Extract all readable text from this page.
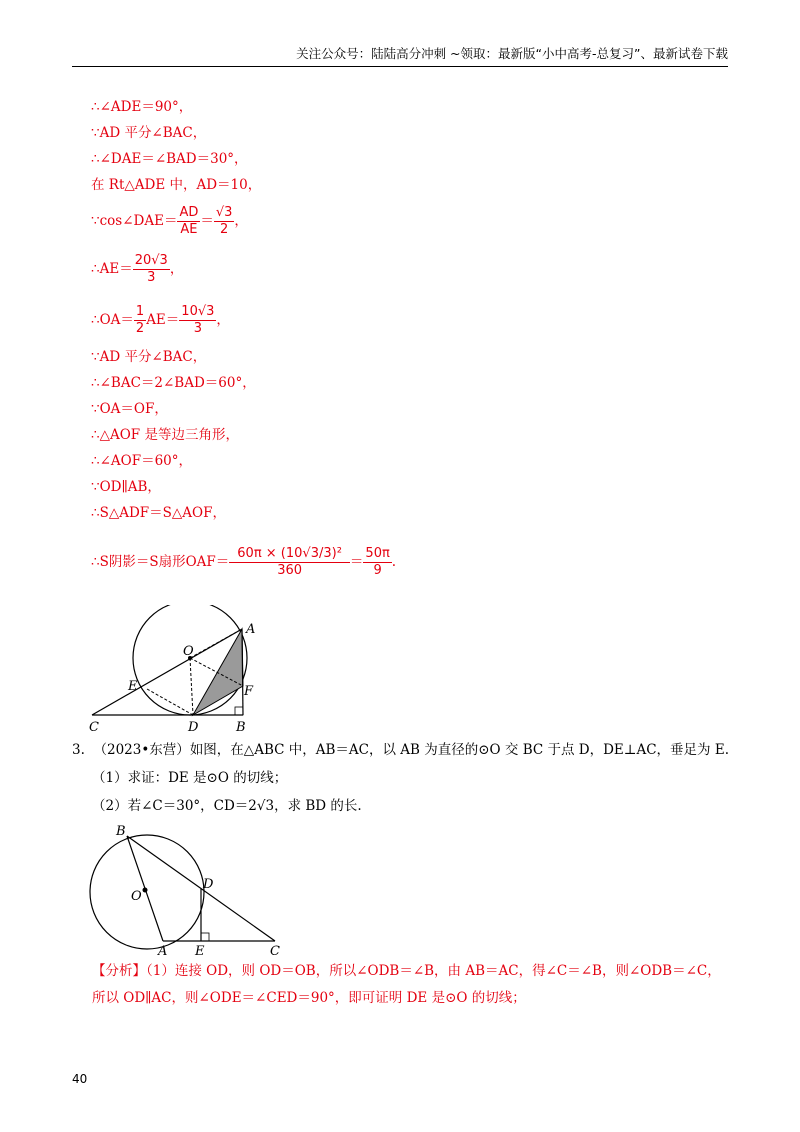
关注公众号：陆陆高分冲刺 ~领取：最新版“小中高考-总复习”、最新试卷下载
∴∠ADE＝90°，
∵AD 平分∠BAC，
∴∠DAE＝∠BAD＝30°，
在 Rt△ADE 中，AD＝10，
∵cos∠DAE＝ $\frac{AD}{AE} = \frac{√3}{2}$ ，
∴AE＝ $\frac{20√3}{3}$ ，
∴OA＝ $\frac{1}{2} AE= \frac{10√3}{3}$ ，
∵AD 平分∠BAC，
∴∠BAC＝2∠BAD＝60°，
∵OA＝OF，
∴△AOF 是等边三角形，
∴∠AOF＝60°，
∵OD∥AB，
∴S△ADF＝S△AOF，
∴S阴影＝S扇形$OAF= \frac{\text{60π × (10√3/3)²}}{360} = \frac{50\pi}{9}$ .
A
O
E	F
C	D	B
3. （2023•东营）如图，在△ABC 中，AB＝AC，以 AB 为直径的⊙O 交 BC 于点 D，DE⊥AC，垂足为 E.
（1）求证：DE 是⊙O 的切线；
（2）若∠C＝30°，CD＝2√3，求 BD 的长.
B
O
D
A E	C
【分析】（1）连接 OD，则 OD＝OB，所以∠ODB＝∠B，由 AB＝AC，得∠C＝∠B，则∠ODB＝∠C，所以 OD∥AC，则∠ODE＝∠CED＝90°，即可证明 DE 是⊙O 的切线；
40
